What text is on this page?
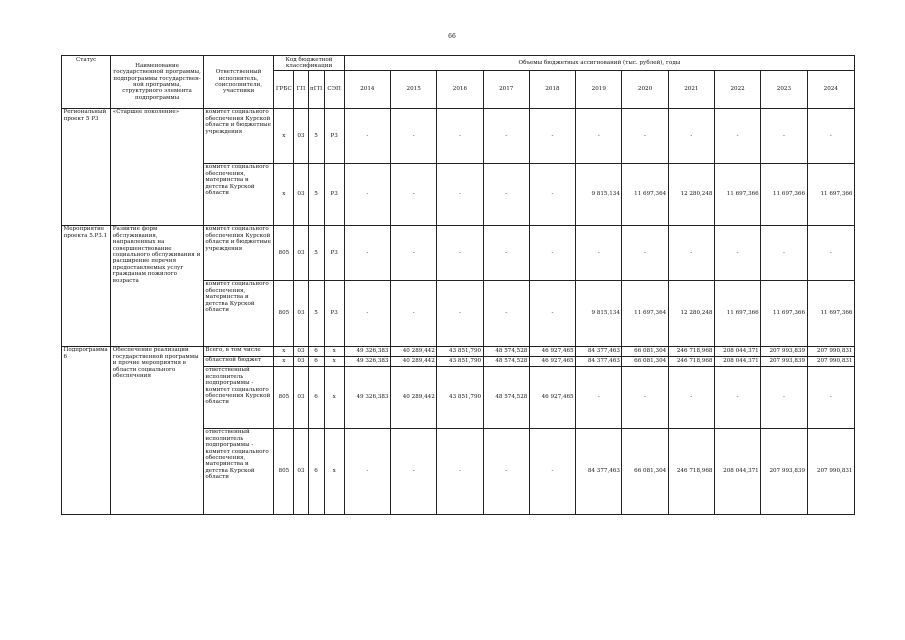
66
Статус	Наименование государственной программы, подпрограммы государствен-ной программы, структурного элемента подпрограммы	Ответственный исполнитель, соисполнители, участники	Код бюджетной классификации				Объемы бюджетных ассигнований (тыс. рублей), годы										
			ГРБС	ГП	пГП	СЭП	2014	2015	2016	2017	2018	2019	2020	2021	2022	2023	2024
Региональный проект 5 Р3	«Старшее поколение»	комитет социального обеспечения Курской области и бюджетные учреждения	х	03	5	Р3	-	-	-	-	-	-	-	-	-	-	-
		комитет социального обеспечения, материнства и детства Курской области	х	03	5	Р3	-	-	-	-	-	9 815,134	11 697,364	12 280,248	11 697,366	11 697,366	11 697,366
Мероприятие проекта 5.Р3.1	Развитие форм обслуживания, направленных на совершенствование социального обслуживания и расширение перечня предоставляемых услуг гражданам пожилого возраста	комитет социального обеспечения Курской области и бюджетные учреждения	805	03	5	Р3	-	-	-	-	-	-	-	-	-	-	-
		комитет социального обеспечения, материнства и детства Курской области	805	03	5	Р3	-	-	-	-	-	9 815,134	11 697,364	12 280,248	11 697,366	11 697,366	11 697,366
Подпрограмма 6	Обеспечение реализации государственной программы и прочие мероприятия в области социального обеспечения	Всего, в том числе	х	03	6	х	49 326,383	40 289,442	43 851,790	48 574,528	46 927,465	84 377,463	66 081,304	246 718,968	208 044,371	207 993,839	207 990,831
		областной бюджет	х	03	6	х	49 326,383	40 289,442	43 851,790	48 574,528	46 927,465	84 377,463	66 081,304	246 718,968	208 044,371	207 993,839	207 990,831
		ответственный исполнитель подпрограммы - комитет социального обеспечения Курской области	805	03	6	х	49 326,383	40 289,442	43 851,790	48 574,528	46 927,465	-	-	-	-	-	-
		ответственный исполнитель подпрограммы - комитет социального обеспечения, материнства и детства Курской области	805	03	6	х	-	-	-	-	-	84 377,463	66 081,304	246 718,968	208 044,371	207 993,839	207 990,831
